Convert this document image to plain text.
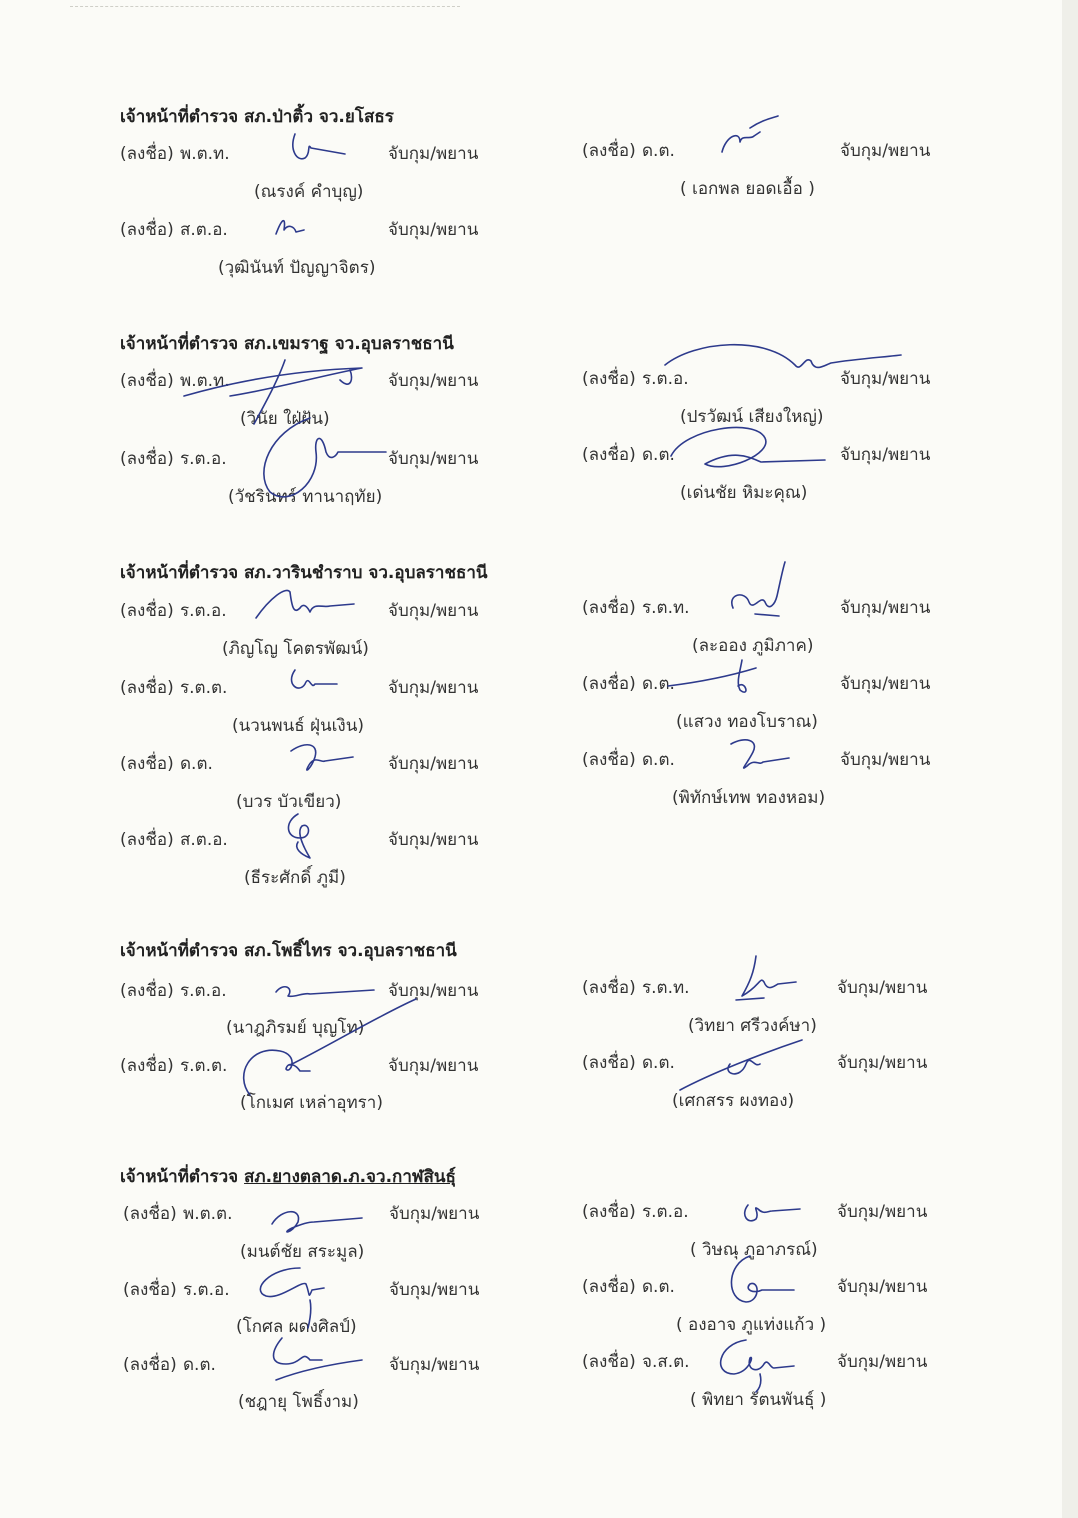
เจ้าหน้าที่ตำรวจ สภ.ป่าติ้ว จว.ยโสธร
(ลงชื่อ) พ.ต.ท.	จับกุม/พยาน
(ณรงค์ คำบุญ)
(ลงชื่อ) ส.ต.อ.	จับกุม/พยาน
(วุฒินันท์ ปัญญาจิตร)
(ลงชื่อ) ด.ต.	จับกุม/พยาน
( เอกพล ยอดเอื้อ )
เจ้าหน้าที่ตำรวจ สภ.เขมราฐ จว.อุบลราชธานี
(ลงชื่อ) พ.ต.ท.	จับกุม/พยาน
(วินัย ใฝ่ฝัน)
(ลงชื่อ) ร.ต.อ.	จับกุม/พยาน
(วัชรินทร์ ทานาฤทัย)
(ลงชื่อ) ร.ต.อ.	จับกุม/พยาน
(ปรวัฒน์ เสียงใหญ่)
(ลงชื่อ) ด.ต.	จับกุม/พยาน
(เด่นชัย หิมะคุณ)
เจ้าหน้าที่ตำรวจ สภ.วารินชำราบ จว.อุบลราชธานี
(ลงชื่อ) ร.ต.อ.	จับกุม/พยาน
(ภิญโญ โคตรพัฒน์)
(ลงชื่อ) ร.ต.ต.	จับกุม/พยาน
(นวนพนธ์ ฝุ่นเงิน)
(ลงชื่อ) ด.ต.	จับกุม/พยาน
(บวร บัวเขียว)
(ลงชื่อ) ส.ต.อ.	จับกุม/พยาน
(ธีระศักดิ์ ภูมี)
(ลงชื่อ) ร.ต.ท.	จับกุม/พยาน
(ละออง ภูมิภาค)
(ลงชื่อ) ด.ต.	จับกุม/พยาน
(แสวง ทองโบราณ)
(ลงชื่อ) ด.ต.	จับกุม/พยาน
(พิทักษ์เทพ ทองหอม)
เจ้าหน้าที่ตำรวจ สภ.โพธิ์ไทร จว.อุบลราชธานี
(ลงชื่อ) ร.ต.อ.	จับกุม/พยาน
(นาฎภิรมย์ บุญโท)
(ลงชื่อ) ร.ต.ต.	จับกุม/พยาน
(โกเมศ เหล่าอุทรา)
(ลงชื่อ) ร.ต.ท.	จับกุม/พยาน
(วิทยา ศรีวงค์ษา)
(ลงชื่อ) ด.ต.	จับกุม/พยาน
(เศกสรร ผงทอง)
เจ้าหน้าที่ตำรวจ สภ.ยางตลาด.ภ.จว.กาฬสินธุ์
(ลงชื่อ) พ.ต.ต.	จับกุม/พยาน
(มนต์ชัย สระมูล)
(ลงชื่อ) ร.ต.อ.	จับกุม/พยาน
(โกศล ผดงศิลป์)
(ลงชื่อ) ด.ต.	จับกุม/พยาน
(ชฎายุ โพธิ์งาม)
(ลงชื่อ) ร.ต.อ.	จับกุม/พยาน
( วิษณุ ภูอาภรณ์)
(ลงชื่อ) ด.ต.	จับกุม/พยาน
( องอาจ ภูแท่งแก้ว )
(ลงชื่อ) จ.ส.ต.	จับกุม/พยาน
( พิทยา รัตนพันธุ์ )
